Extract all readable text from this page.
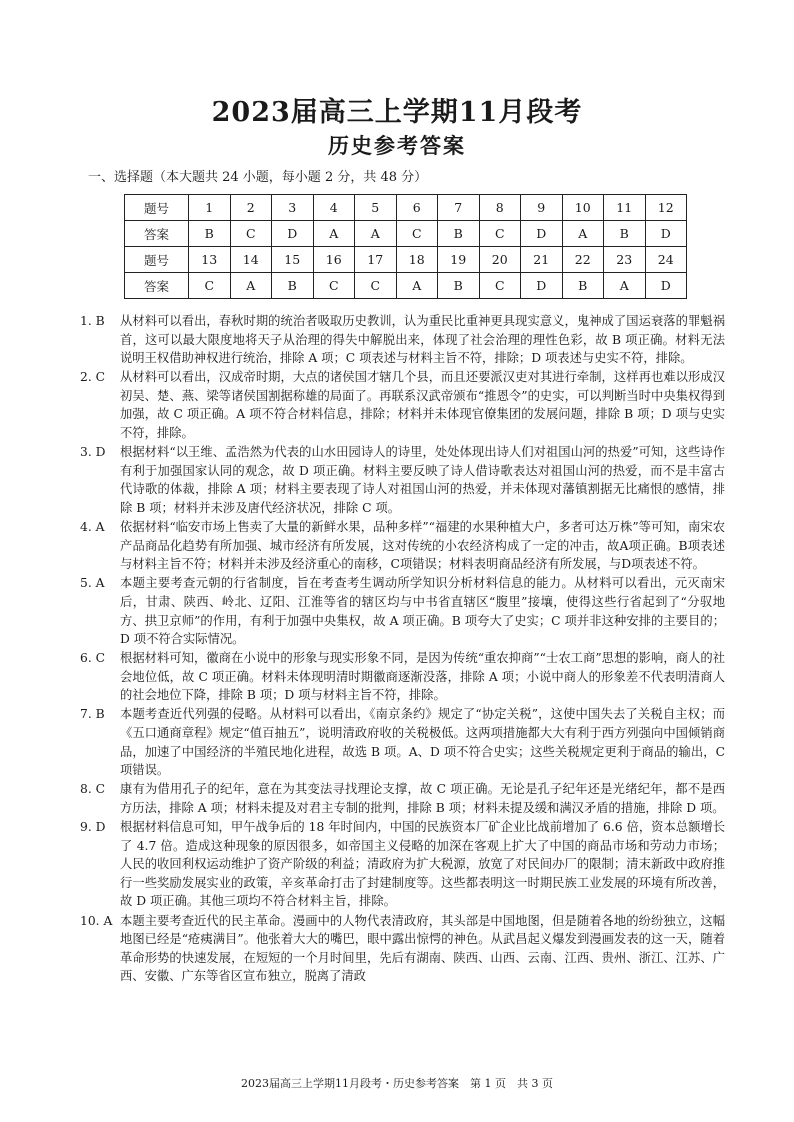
2023届高三上学期11月段考
历史参考答案
一、选择题（本大题共 24 小题，每小题 2 分，共 48 分）
题号	1	2	3	4	5	6	7	8	9	10	11	12
答案	B	C	D	A	A	C	B	C	D	A	B	D
题号	13	14	15	16	17	18	19	20	21	22	23	24
答案	C	A	B	C	C	A	B	C	D	B	A	D
1. B	从材料可以看出，春秋时期的统治者吸取历史教训，认为重民比重神更具现实意义，鬼神成了国运衰落的罪魁祸首，这可以最大限度地将天子从治理的得失中解脱出来，体现了社会治理的理性色彩，故 B 项正确。材料无法说明王权借助神权进行统治，排除 A 项；C 项表述与材料主旨不符，排除；D 项表述与史实不符，排除。
2. C	从材料可以看出，汉成帝时期，大点的诸侯国才辖几个县，而且还要派汉吏对其进行牵制，这样再也难以形成汉初吴、楚、燕、梁等诸侯国割据称雄的局面了。再联系汉武帝颁布“推恩令”的史实，可以判断当时中央集权得到加强，故 C 项正确。A 项不符合材料信息，排除；材料并未体现官僚集团的发展问题，排除 B 项；D 项与史实不符，排除。
3. D	根据材料“以王维、孟浩然为代表的山水田园诗人的诗里，处处体现出诗人们对祖国山河的热爱”可知，这些诗作有利于加强国家认同的观念，故 D 项正确。材料主要反映了诗人借诗歌表达对祖国山河的热爱，而不是丰富古代诗歌的体裁，排除 A 项；材料主要表现了诗人对祖国山河的热爱，并未体现对藩镇割据无比痛恨的感情，排除 B 项；材料并未涉及唐代经济状况，排除 C 项。
4. A	依据材料“临安市场上售卖了大量的新鲜水果，品种多样”“福建的水果种植大户，多者可达万株”等可知，南宋农产品商品化趋势有所加强、城市经济有所发展，这对传统的小农经济构成了一定的冲击，故A项正确。B项表述与材料主旨不符；材料并未涉及经济重心的南移，C项错误；材料表明商品经济有所发展，与D项表述不符。
5. A	本题主要考查元朝的行省制度，旨在考查考生调动所学知识分析材料信息的能力。从材料可以看出，元灭南宋后，甘肃、陕西、岭北、辽阳、江淮等省的辖区均与中书省直辖区“腹里”接壤，使得这些行省起到了“分驭地方、拱卫京师”的作用，有利于加强中央集权，故 A 项正确。B 项夸大了史实；C 项并非这种安排的主要目的；D 项不符合实际情况。
6. C	根据材料可知，徽商在小说中的形象与现实形象不同，是因为传统“重农抑商”“士农工商”思想的影响，商人的社会地位低，故 C 项正确。材料未体现明清时期徽商逐渐没落，排除 A 项；小说中商人的形象差不代表明清商人的社会地位下降，排除 B 项；D 项与材料主旨不符，排除。
7. B	本题考查近代列强的侵略。从材料可以看出，《南京条约》规定了“协定关税”，这使中国失去了关税自主权；而《五口通商章程》规定“值百抽五”，说明清政府收的关税极低。这两项措施都大大有利于西方列强向中国倾销商品，加速了中国经济的半殖民地化进程，故选 B 项。A、D 项不符合史实；这些关税规定更利于商品的输出，C 项错误。
8. C	康有为借用孔子的纪年，意在为其变法寻找理论支撑，故 C 项正确。无论是孔子纪年还是光绪纪年，都不是西方历法，排除 A 项；材料未提及对君主专制的批判，排除 B 项；材料未提及缓和满汉矛盾的措施，排除 D 项。
9. D	根据材料信息可知，甲午战争后的 18 年时间内，中国的民族资本厂矿企业比战前增加了 6.6 倍，资本总额增长了 4.7 倍。造成这种现象的原因很多，如帝国主义侵略的加深在客观上扩大了中国的商品市场和劳动力市场；人民的收回利权运动维护了资产阶级的利益；清政府为扩大税源，放宽了对民间办厂的限制；清末新政中政府推行一些奖励发展实业的政策，辛亥革命打击了封建制度等。这些都表明这一时期民族工业发展的环境有所改善，故 D 项正确。其他三项均不符合材料主旨，排除。
10. A 本题主要考查近代的民主革命。漫画中的人物代表清政府，其头部是中国地图，但是随着各地的纷纷独立，这幅地图已经是“疮痍满目”。他张着大大的嘴巴，眼中露出惊愕的神色。从武昌起义爆发到漫画发表的这一天，随着革命形势的快速发展，在短短的一个月时间里，先后有湖南、陕西、山西、云南、江西、贵州、浙江、江苏、广西、安徽、广东等省区宣布独立，脱离了清政
2023届高三上学期11月段考・历史参考答案　第 1 页　共 3 页
